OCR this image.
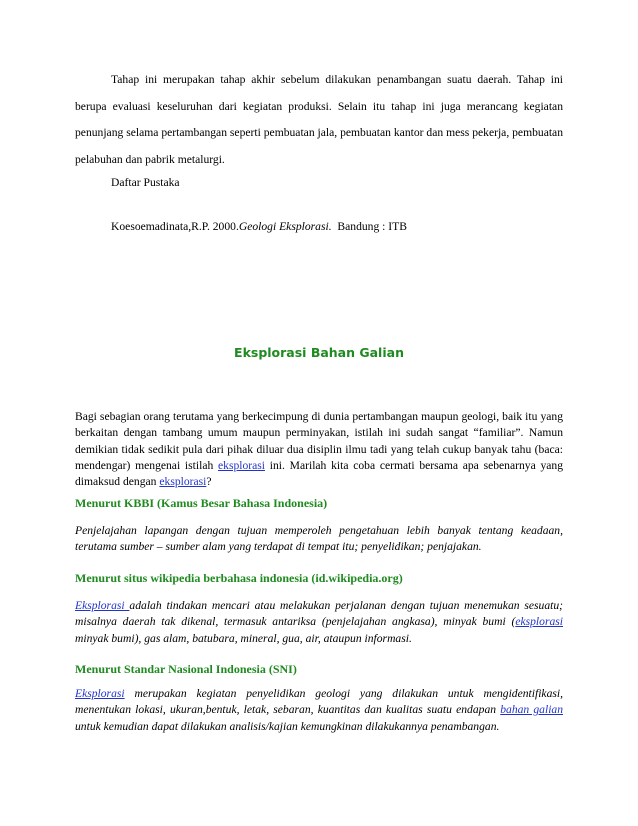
Tahap ini merupakan tahap akhir sebelum dilakukan penambangan suatu daerah. Tahap ini berupa evaluasi keseluruhan dari kegiatan produksi. Selain itu tahap ini juga merancang kegiatan penunjang selama pertambangan seperti pembuatan jala, pembuatan kantor dan mess pekerja, pembuatan pelabuhan dan pabrik metalurgi.

Daftar Pustaka

Koesoemadinata,R.P. 2000.Geologi Eksplorasi.  Bandung : ITB

Eksplorasi Bahan Galian

Bagi sebagian orang terutama yang berkecimpung di dunia pertambangan maupun geologi, baik itu yang berkaitan dengan tambang umum maupun perminyakan, istilah ini sudah sangat “familiar”. Namun demikian tidak sedikit pula dari pihak diluar dua disiplin ilmu tadi yang telah cukup banyak tahu (baca: mendengar) mengenai istilah eksplorasi ini. Marilah kita coba cermati bersama apa sebenarnya yang dimaksud dengan eksplorasi?

Menurut KBBI (Kamus Besar Bahasa Indonesia)

Penjelajahan lapangan dengan tujuan memperoleh pengetahuan lebih banyak tentang keadaan, terutama sumber – sumber alam yang terdapat di tempat itu; penyelidikan; penjajakan.

Menurut situs wikipedia berbahasa indonesia (id.wikipedia.org)

Eksplorasi adalah tindakan mencari atau melakukan perjalanan dengan tujuan menemukan sesuatu; misalnya daerah tak dikenal, termasuk antariksa (penjelajahan angkasa), minyak bumi (eksplorasi minyak bumi), gas alam, batubara, mineral, gua, air, ataupun informasi.

Menurut Standar Nasional Indonesia (SNI)

Eksplorasi merupakan kegiatan penyelidikan geologi yang dilakukan untuk mengidentifikasi, menentukan lokasi, ukuran,bentuk, letak, sebaran, kuantitas dan kualitas suatu endapan bahan galian untuk kemudian dapat dilakukan analisis/kajian kemungkinan dilakukannya penambangan.
